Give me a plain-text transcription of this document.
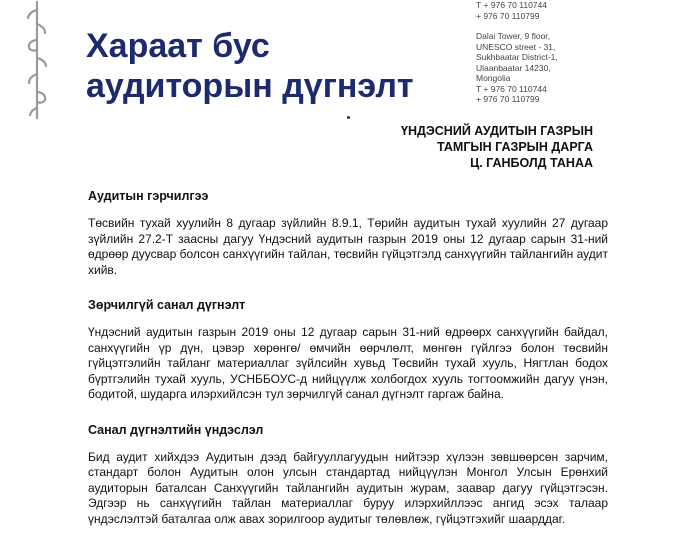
Хараат бус
аудиторын дүгнэлт
Т + 976 70 110744
+ 976 70 110799
Dalai Tower, 9 floor,
UNESCO street - 31,
Sukhbaatar District-1,
Ulaanbaatar 14230,
Mongolia
T + 976 70 110744
+ 976 70 110799
ҮНДЭСНИЙ АУДИТЫН ГАЗРЫН
ТАМГЫН ГАЗРЫН ДАРГА
Ц. ГАНБОЛД ТАНАА
Аудитын гэрчилгээ
Төсвийн тухай хуулийн 8 дугаар зүйлийн 8.9.1, Төрийн аудитын тухай хуулийн 27 дугаар зүйлийн 27.2-Т заасны дагуу Үндэсний аудитын газрын 2019 оны 12 дугаар сарын 31-ний өдрөөр дуусвар болсон санхүүгийн тайлан, төсвийн гүйцэтгэлд санхүүгийн тайлангийн аудит хийв.
Зөрчилгүй санал дүгнэлт
Үндэсний аудитын газрын 2019 оны 12 дугаар сарын 31-ний өдрөөрх санхүүгийн байдал, санхүүгийн үр дүн, цэвэр хөрөнгө/ өмчийн өөрчлөлт, мөнгөн гүйлгээ болон төсвийн гүйцэтгэлийн тайланг материаллаг зүйлсийн хувьд Төсвийн тухай хууль, Нягтлан бодох бүртгэлийн тухай хууль, УСНББОУС-д нийцүүлж холбогдох хууль тогтоомжийн дагуу үнэн, бодитой, шударга илэрхийлсэн тул зөрчилгүй санал дүгнэлт гаргаж байна.
Санал дүгнэлтийн үндэслэл
Бид аудит хийхдээ Аудитын дээд байгууллагуудын нийтээр хүлээн зөвшөөрсөн зарчим, стандарт болон Аудитын олон улсын стандартад нийцүүлэн Монгол Улсын Ерөнхий аудиторын баталсан Санхүүгийн тайлангийн аудитын журам, заавар дагуу гүйцэтгэсэн. Эдгээр нь санхүүгийн тайлан материаллаг буруу илэрхийллээс ангид эсэх талаар үндэслэлтэй баталгаа олж авах зорилгоор аудитыг төлөвлөж, гүйцэтгэхийг шаарддаг.
